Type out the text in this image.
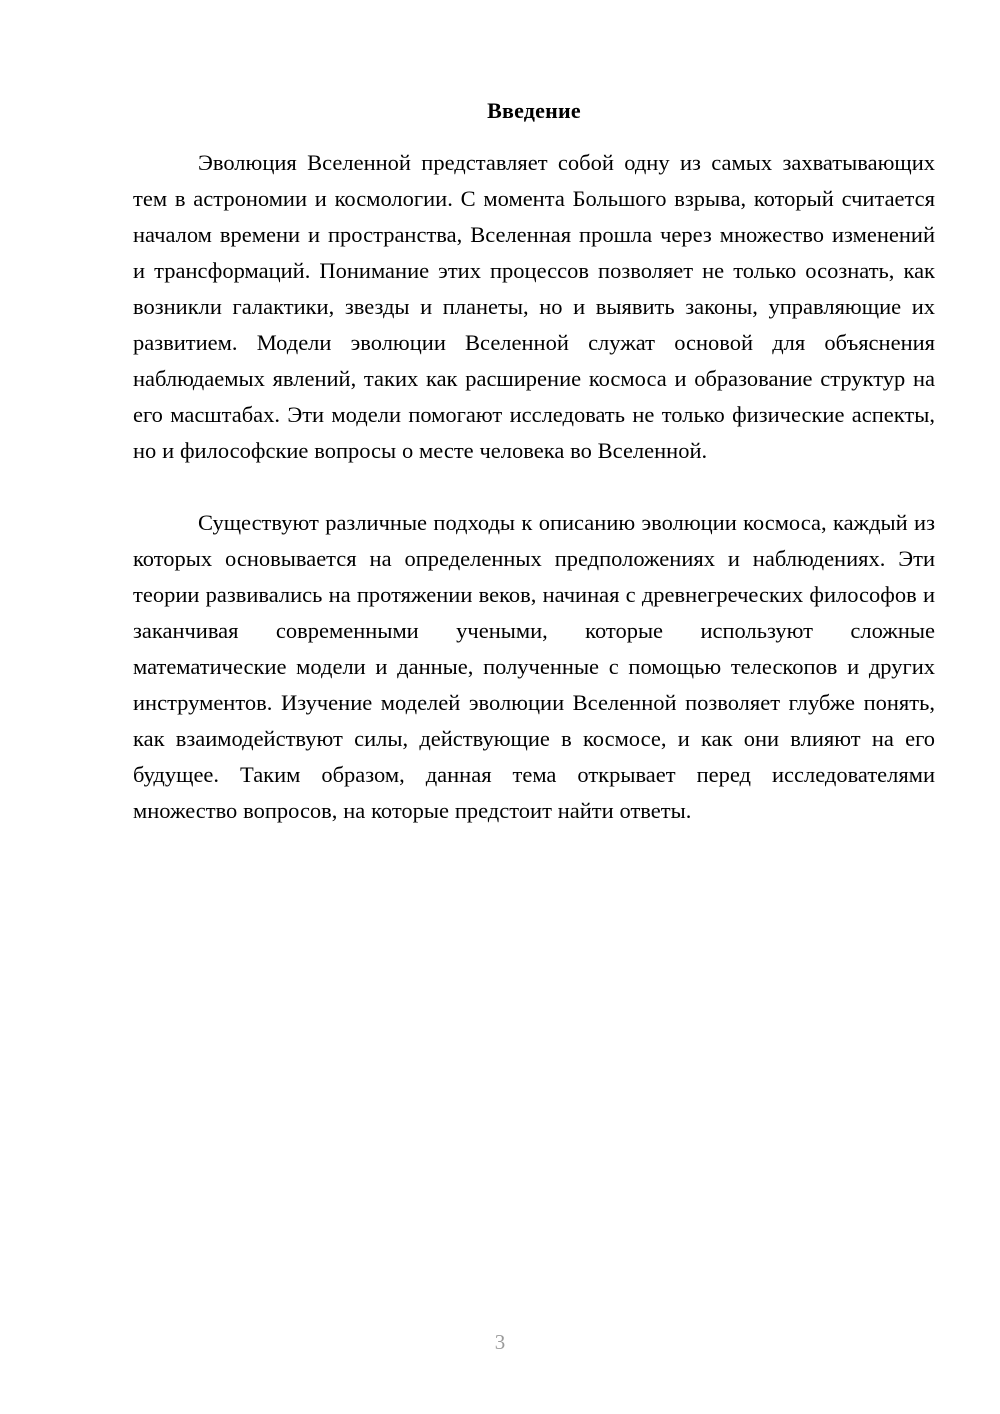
Введение

Эволюция Вселенной представляет собой одну из самых захватывающих тем в астрономии и космологии. С момента Большого взрыва, который считается началом времени и пространства, Вселенная прошла через множество изменений и трансформаций. Понимание этих процессов позволяет не только осознать, как возникли галактики, звезды и планеты, но и выявить законы, управляющие их развитием. Модели эволюции Вселенной служат основой для объяснения наблюдаемых явлений, таких как расширение космоса и образование структур на его масштабах. Эти модели помогают исследовать не только физические аспекты, но и философские вопросы о месте человека во Вселенной.

Существуют различные подходы к описанию эволюции космоса, каждый из которых основывается на определенных предположениях и наблюдениях. Эти теории развивались на протяжении веков, начиная с древнегреческих философов и заканчивая современными учеными, которые используют сложные математические модели и данные, полученные с помощью телескопов и других инструментов. Изучение моделей эволюции Вселенной позволяет глубже понять, как взаимодействуют силы, действующие в космосе, и как они влияют на его будущее. Таким образом, данная тема открывает перед исследователями множество вопросов, на которые предстоит найти ответы.

3
